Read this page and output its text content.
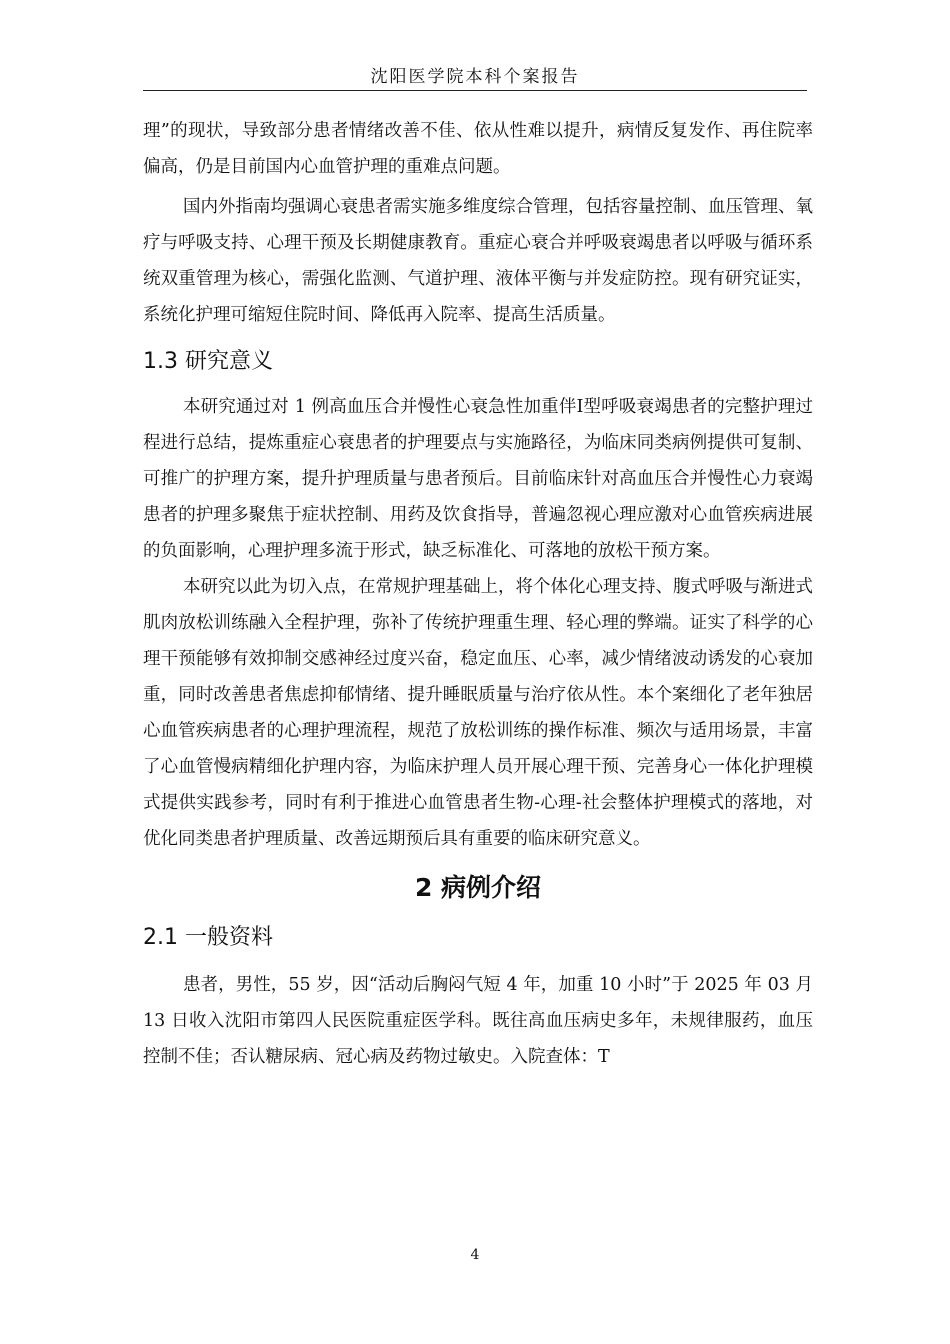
沈阳医学院本科个案报告

理”的现状，导致部分患者情绪改善不佳、依从性难以提升，病情反复发作、再住院率偏高，仍是目前国内心血管护理的重难点问题。

国内外指南均强调心衰患者需实施多维度综合管理，包括容量控制、血压管理、氧疗与呼吸支持、心理干预及长期健康教育。重症心衰合并呼吸衰竭患者以呼吸与循环系统双重管理为核心，需强化监测、气道护理、液体平衡与并发症防控。现有研究证实，系统化护理可缩短住院时间、降低再入院率、提高生活质量。

1.3 研究意义

本研究通过对 1 例高血压合并慢性心衰急性加重伴Ⅰ型呼吸衰竭患者的完整护理过程进行总结，提炼重症心衰患者的护理要点与实施路径，为临床同类病例提供可复制、可推广的护理方案，提升护理质量与患者预后。目前临床针对高血压合并慢性心力衰竭患者的护理多聚焦于症状控制、用药及饮食指导，普遍忽视心理应激对心血管疾病进展的负面影响，心理护理多流于形式，缺乏标准化、可落地的放松干预方案。

本研究以此为切入点，在常规护理基础上，将个体化心理支持、腹式呼吸与渐进式肌肉放松训练融入全程护理，弥补了传统护理重生理、轻心理的弊端。证实了科学的心理干预能够有效抑制交感神经过度兴奋，稳定血压、心率，减少情绪波动诱发的心衰加重，同时改善患者焦虑抑郁情绪、提升睡眠质量与治疗依从性。本个案细化了老年独居心血管疾病患者的心理护理流程，规范了放松训练的操作标准、频次与适用场景，丰富了心血管慢病精细化护理内容，为临床护理人员开展心理干预、完善身心一体化护理模式提供实践参考，同时有利于推进心血管患者生物-心理-社会整体护理模式的落地，对优化同类患者护理质量、改善远期预后具有重要的临床研究意义。

2 病例介绍
2.1 一般资料

患者，男性，55 岁，因“活动后胸闷气短 4 年，加重 10 小时”于 2025 年 03 月 13 日收入沈阳市第四人民医院重症医学科。既往高血压病史多年，未规律服药，血压控制不佳；否认糖尿病、冠心病及药物过敏史。入院查体：T

4
